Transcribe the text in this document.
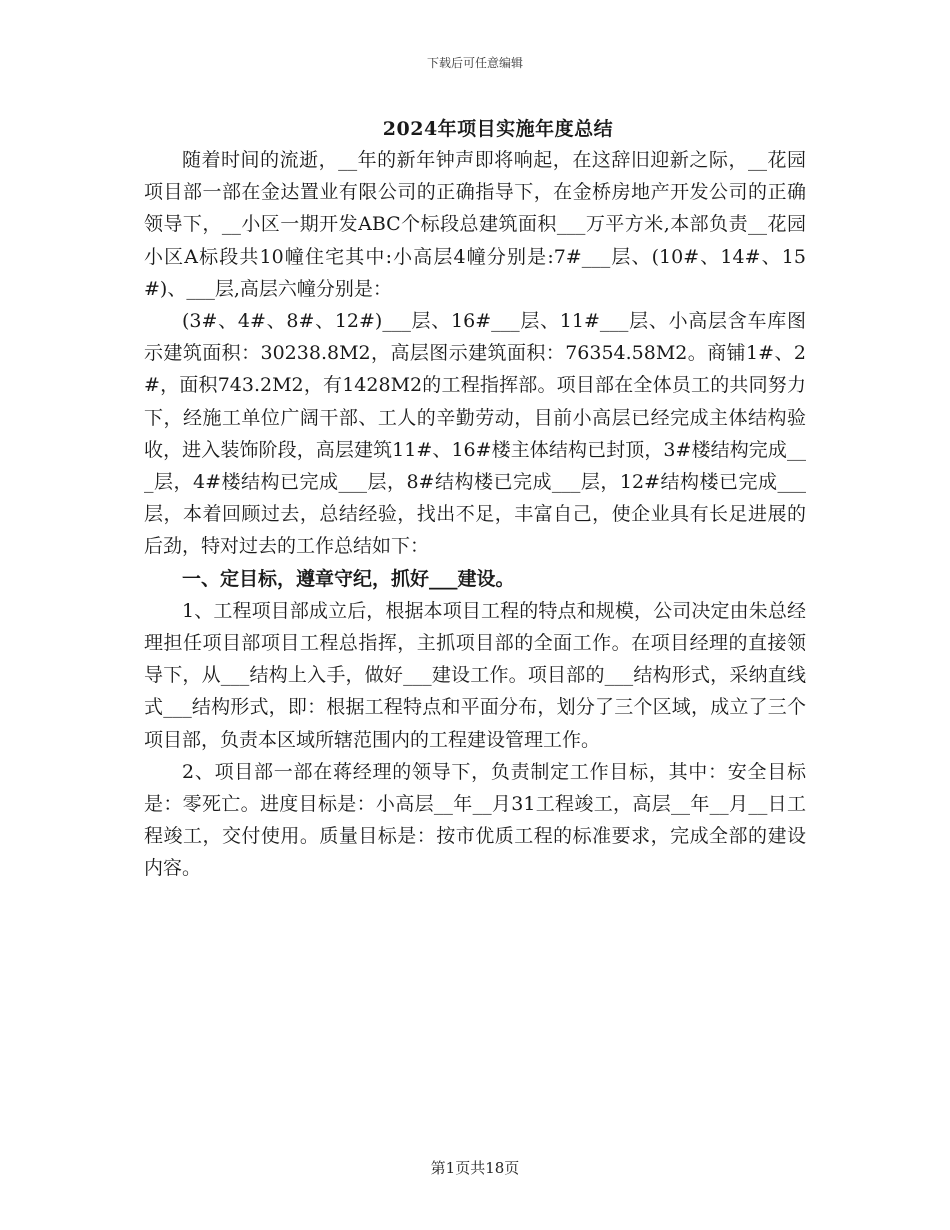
下载后可任意编辑
2024年项目实施年度总结

随着时间的流逝，__年的新年钟声即将响起，在这辞旧迎新之际，__花园项目部一部在金达置业有限公司的正确指导下，在金桥房地产开发公司的正确领导下，__小区一期开发ABC个标段总建筑面积___万平方米,本部负责__花园小区A标段共10幢住宅其中:小高层4幢分别是:7#___层、(10#、14#、15#)、___层,高层六幢分别是：

(3#、4#、8#、12#)___层、16#___层、11#___层、小高层含车库图示建筑面积：30238.8M2，高层图示建筑面积：76354.58M2。商铺1#、2#，面积743.2M2，有1428M2的工程指挥部。项目部在全体员工的共同努力下，经施工单位广阔干部、工人的辛勤劳动，目前小高层已经完成主体结构验收，进入装饰阶段，高层建筑11#、16#楼主体结构已封顶，3#楼结构完成___层，4#楼结构已完成___层，8#结构楼已完成___层，12#结构楼已完成___层，本着回顾过去，总结经验，找出不足，丰富自己，使企业具有长足进展的后劲，特对过去的工作总结如下：

一、定目标，遵章守纪，抓好___建设。

1、工程项目部成立后，根据本项目工程的特点和规模，公司决定由朱总经理担任项目部项目工程总指挥，主抓项目部的全面工作。在项目经理的直接领导下，从___结构上入手，做好___建设工作。项目部的___结构形式，采纳直线式___结构形式，即：根据工程特点和平面分布，划分了三个区域，成立了三个项目部，负责本区域所辖范围内的工程建设管理工作。

2、项目部一部在蒋经理的领导下，负责制定工作目标，其中：安全目标是：零死亡。进度目标是：小高层__年__月31工程竣工，高层__年__月__日工程竣工，交付使用。质量目标是：按市优质工程的标准要求，完成全部的建设内容。

第1页共18页
